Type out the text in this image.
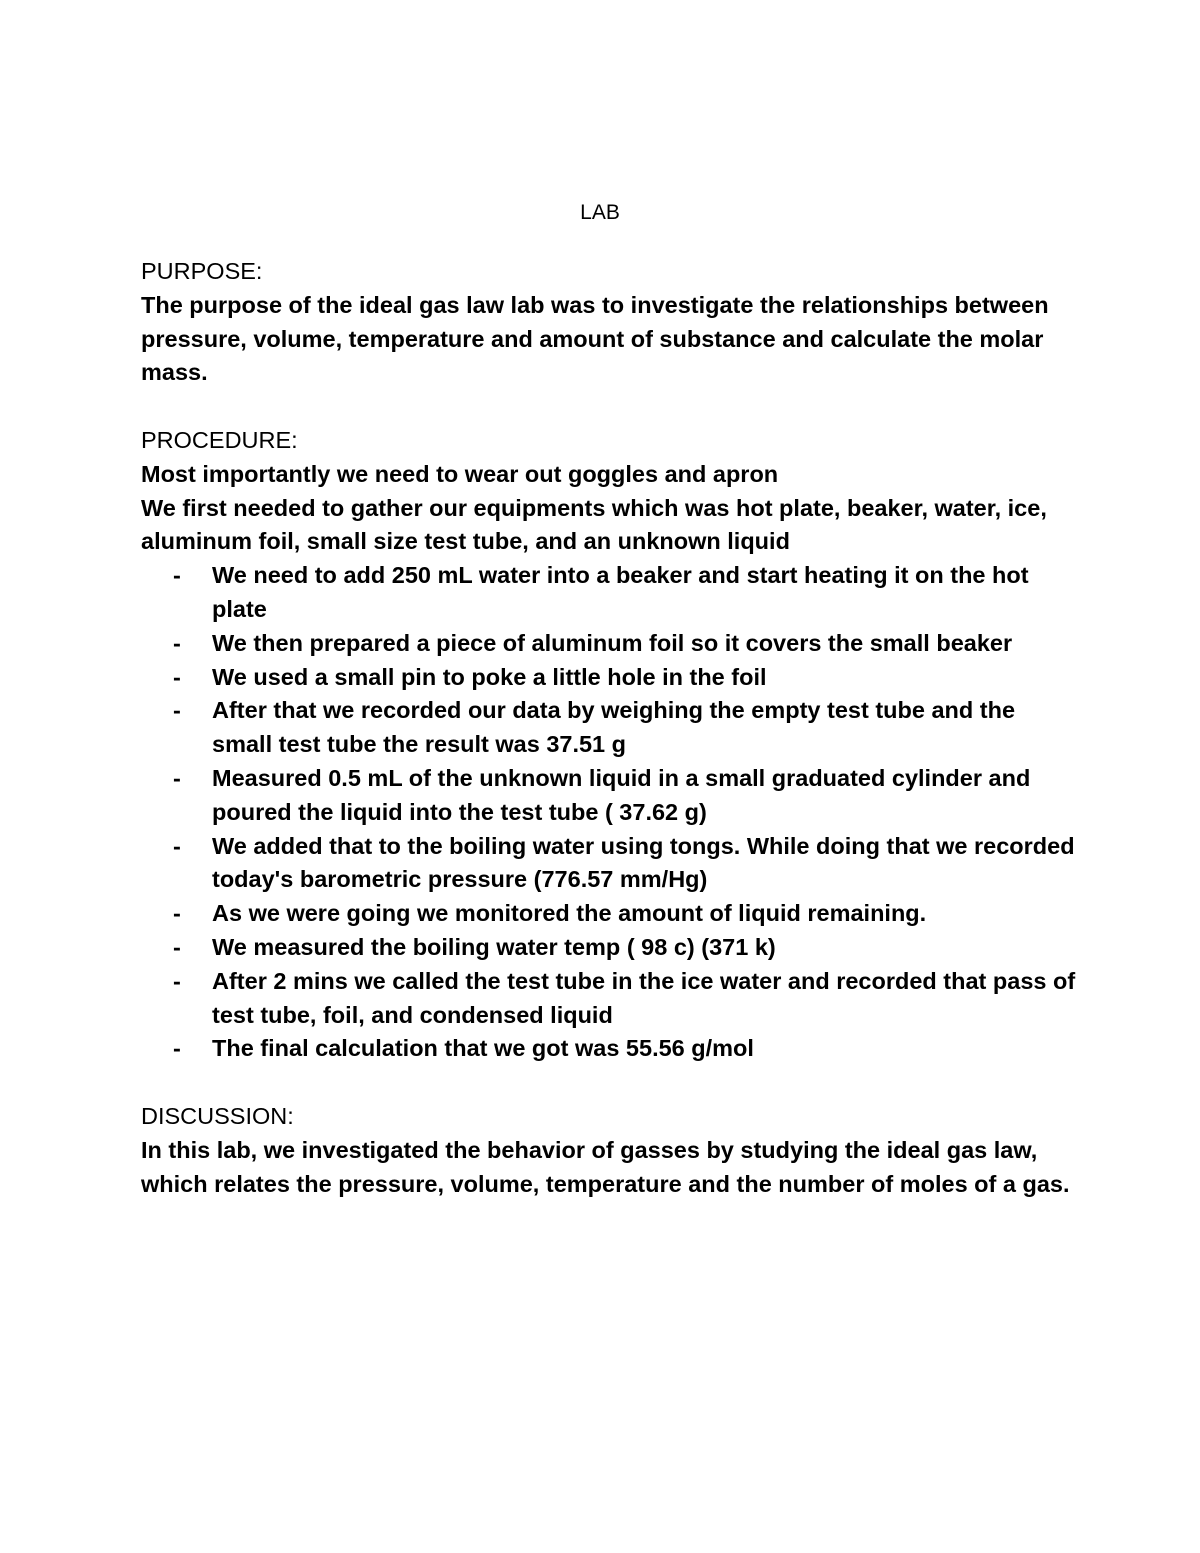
LAB

PURPOSE:

The purpose of the ideal gas law lab was to investigate the relationships between pressure, volume, temperature and amount of substance and calculate the molar mass.

PROCEDURE:

Most importantly we need to wear out goggles and apron
We first needed to gather our equipments which was hot plate, beaker, water, ice, aluminum foil, small size test tube, and an unknown liquid

- We need to add 250 mL water into a beaker and start heating it on the hot plate
- We then prepared a piece of aluminum foil so it covers the small beaker
- We used a small pin to poke a little hole in the foil
- After that we recorded our data by weighing the empty test tube and the small test tube the result was 37.51 g
- Measured 0.5 mL of the unknown liquid in a small graduated cylinder and poured the liquid into the test tube ( 37.62 g)
- We added that to the boiling water using tongs. While doing that we recorded today's barometric pressure (776.57 mm/Hg)
- As we were going we monitored the amount of liquid remaining.
- We measured the boiling water temp ( 98 c) (371 k)
- After 2 mins we called the test tube in the ice water and recorded that pass of test tube, foil, and condensed liquid
- The final calculation that we got was 55.56 g/mol

DISCUSSION:

In this lab, we investigated the behavior of gasses by studying the ideal gas law, which relates the pressure, volume, temperature and the number of moles of a gas.
